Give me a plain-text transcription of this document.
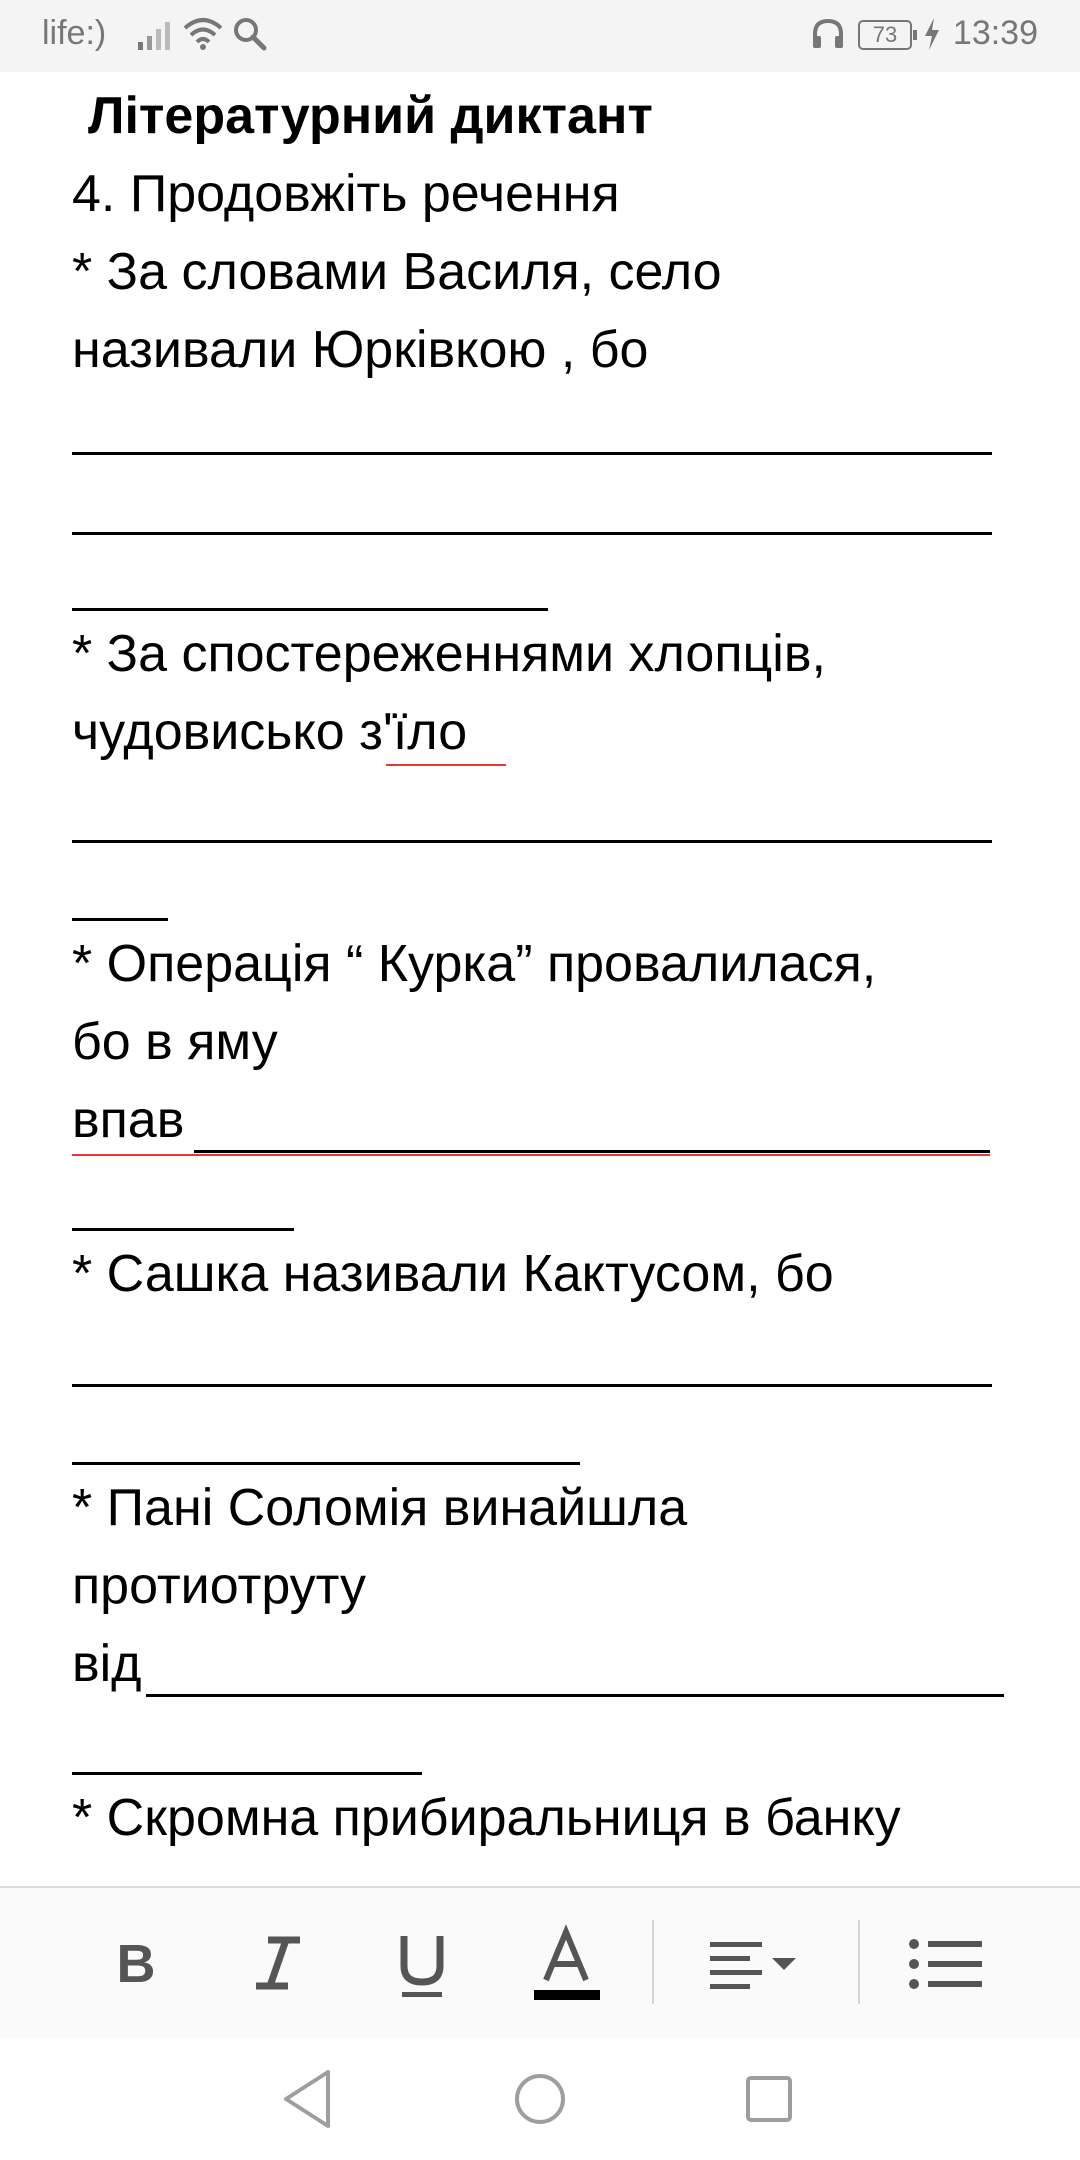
life:)	73	13:39
Літературний диктант
4. Продовжіть речення
* За словами Василя, село
називали Юрківкою , бо
* За спостереженнями хлопців,
чудовисько з'їло
* Операція “ Курка” провалилася,
бо в яму
впав
* Сашка називали Кактусом, бо
* Пані Соломія винайшла
протиотруту
від
* Скромна прибиральниця в банку
B
